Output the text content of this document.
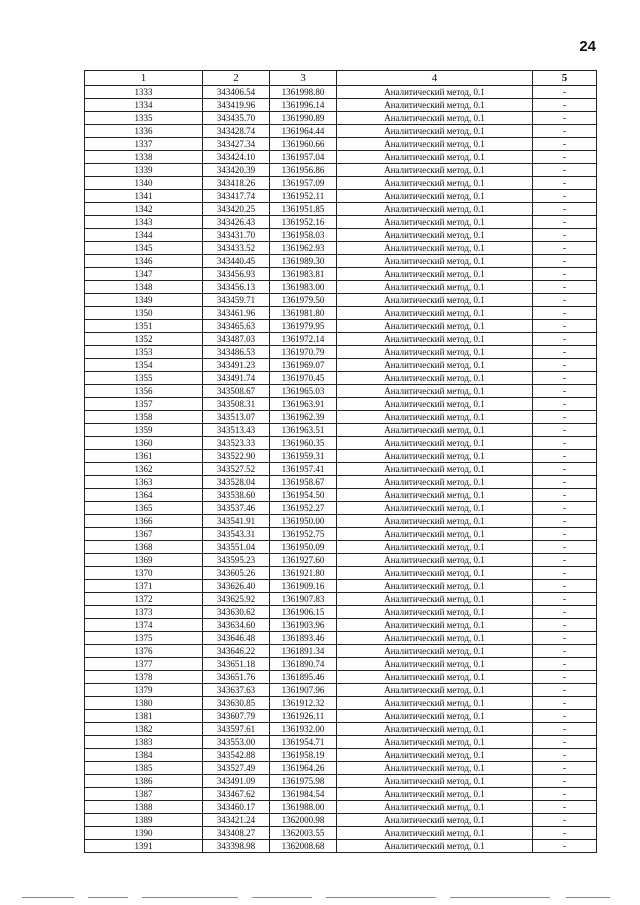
24
1	2	3	4	5
1333	343406.54	1361998.80	Аналитический метод, 0.1	-
1334	343419.96	1361996.14	Аналитический метод, 0.1	-
1335	343435.70	1361990.89	Аналитический метод, 0.1	-
1336	343428.74	1361964.44	Аналитический метод, 0.1	-
1337	343427.34	1361960.66	Аналитический метод, 0.1	-
1338	343424.10	1361957.04	Аналитический метод, 0.1	-
1339	343420.39	1361956.86	Аналитический метод, 0.1	-
1340	343418.26	1361957.09	Аналитический метод, 0.1	-
1341	343417.74	1361952.11	Аналитический метод, 0.1	-
1342	343420.25	1361951.85	Аналитический метод, 0.1	-
1343	343426.43	1361952.16	Аналитический метод, 0.1	-
1344	343431.70	1361958.03	Аналитический метод, 0.1	-
1345	343433.52	1361962.93	Аналитический метод, 0.1	-
1346	343440.45	1361989.30	Аналитический метод, 0.1	-
1347	343456.93	1361983.81	Аналитический метод, 0.1	-
1348	343456.13	1361983.00	Аналитический метод, 0.1	-
1349	343459.71	1361979.50	Аналитический метод, 0.1	-
1350	343461.96	1361981.80	Аналитический метод, 0.1	-
1351	343465.63	1361979.95	Аналитический метод, 0.1	-
1352	343487.03	1361972.14	Аналитический метод, 0.1	-
1353	343486.53	1361970.79	Аналитический метод, 0.1	-
1354	343491.23	1361969.07	Аналитический метод, 0.1	-
1355	343491.74	1361970.45	Аналитический метод, 0.1	-
1356	343508.67	1361965.03	Аналитический метод, 0.1	-
1357	343508.31	1361963.91	Аналитический метод, 0.1	-
1358	343513.07	1361962.39	Аналитический метод, 0.1	-
1359	343513.43	1361963.51	Аналитический метод, 0.1	-
1360	343523.33	1361960.35	Аналитический метод, 0.1	-
1361	343522.90	1361959.31	Аналитический метод, 0.1	-
1362	343527.52	1361957.41	Аналитический метод, 0.1	-
1363	343528.04	1361958.67	Аналитический метод, 0.1	-
1364	343538.60	1361954.50	Аналитический метод, 0.1	-
1365	343537.46	1361952.27	Аналитический метод, 0.1	-
1366	343541.91	1361950.00	Аналитический метод, 0.1	-
1367	343543.31	1361952.75	Аналитический метод, 0.1	-
1368	343551.04	1361950.09	Аналитический метод, 0.1	-
1369	343595.23	1361927.60	Аналитический метод, 0.1	-
1370	343605.26	1361921.80	Аналитический метод, 0.1	-
1371	343626.40	1361909.16	Аналитический метод, 0.1	-
1372	343625.92	1361907.83	Аналитический метод, 0.1	-
1373	343630.62	1361906.15	Аналитический метод, 0.1	-
1374	343634.60	1361903.96	Аналитический метод, 0.1	-
1375	343646.48	1361893.46	Аналитический метод, 0.1	-
1376	343646.22	1361891.34	Аналитический метод, 0.1	-
1377	343651.18	1361890.74	Аналитический метод, 0.1	-
1378	343651.76	1361895.46	Аналитический метод, 0.1	-
1379	343637.63	1361907.96	Аналитический метод, 0.1	-
1380	343630.85	1361912.32	Аналитический метод, 0.1	-
1381	343607.79	1361926.11	Аналитический метод, 0.1	-
1382	343597.61	1361932.00	Аналитический метод, 0.1	-
1383	343553.00	1361954.71	Аналитический метод, 0.1	-
1384	343542.88	1361958.19	Аналитический метод, 0.1	-
1385	343527.49	1361964.26	Аналитический метод, 0.1	-
1386	343491.09	1361975.98	Аналитический метод, 0.1	-
1387	343467.62	1361984.54	Аналитический метод, 0.1	-
1388	343460.17	1361988.00	Аналитический метод, 0.1	-
1389	343421.24	1362000.98	Аналитический метод, 0.1	-
1390	343408.27	1362003.55	Аналитический метод, 0.1	-
1391	343398.98	1362008.68	Аналитический метод, 0.1	-
